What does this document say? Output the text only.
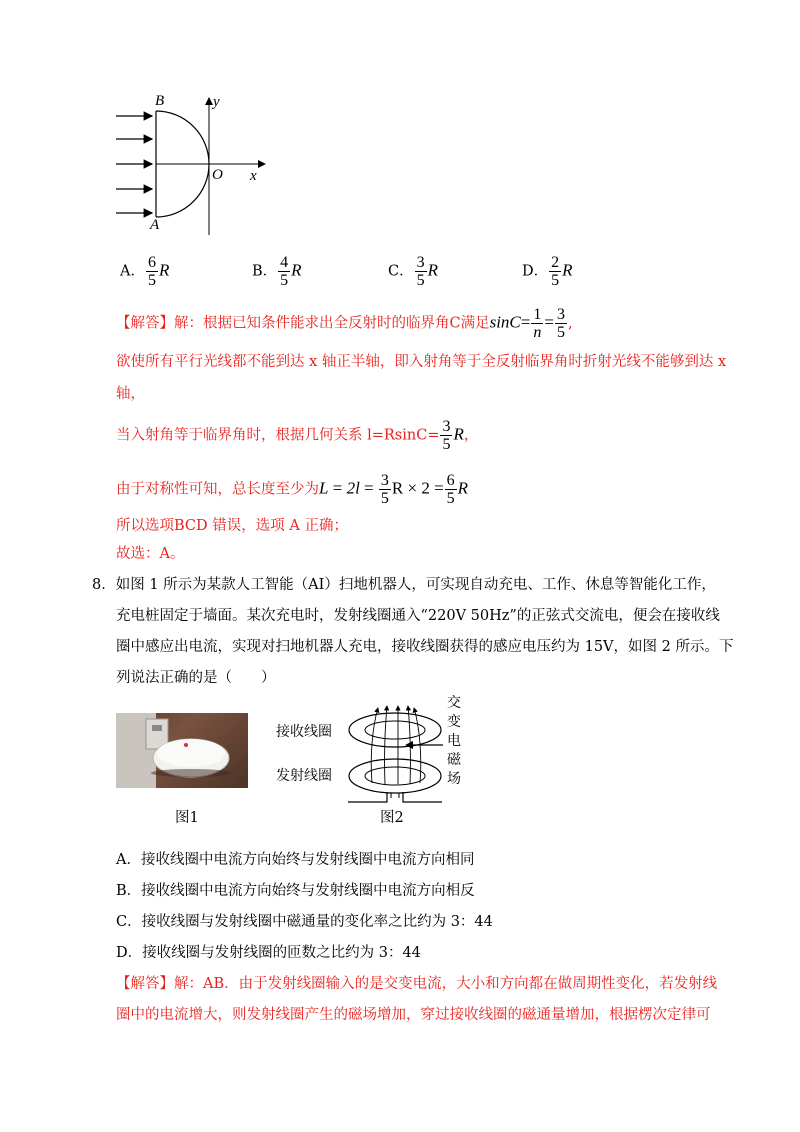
B	y
O x
A
A． $\frac{6}{5}$ R	B． $\frac{4}{5}$ R	C． $\frac{3}{5}$ R	D． $\frac{2}{5}$ R
【解答】解：根据已知条件能求出全反射时的临界角C满足$\sin C= \frac{1}{n} = \frac{3}{5}$ ,
欲使所有平行光线都不能到达 x 轴正半轴，即入射角等于全反射临界角时折射光线不能够到达 x
轴，
当入射角等于临界角时，根据几何关系 $l=RsinC= \frac{3}{5}$ R，
由于对称性可知，总长度至少为$L = 2l = \frac{3}{5}$ $R \times 2 = \frac{6}{5}$ R
所以选项BCD 错误，选项 A 正确；
故选：A。
8．如图 1 所示为某款人工智能（AI）扫地机器人，可实现自动充电、工作、休息等智能化工作，
充电桩固定于墙面。某次充电时，发射线圈通入“220V 50Hz”的正弦式交流电，便会在接收线
圈中感应出电流，实现对扫地机器人充电，接收线圈获得的感应电压约为 15V，如图 2 所示。下
列说法正确的是（　　）
图1
接收线圈
发射线圈
交
变
电
磁
场
图2
A．接收线圈中电流方向始终与发射线圈中电流方向相同
B．接收线圈中电流方向始终与发射线圈中电流方向相反
C．接收线圈与发射线圈中磁通量的变化率之比约为 3：44
D．接收线圈与发射线圈的匝数之比约为 3：44
【解答】解：AB．由于发射线圈输入的是交变电流，大小和方向都在做周期性变化，若发射线
圈中的电流增大，则发射线圈产生的磁场增加，穿过接收线圈的磁通量增加，根据楞次定律可
